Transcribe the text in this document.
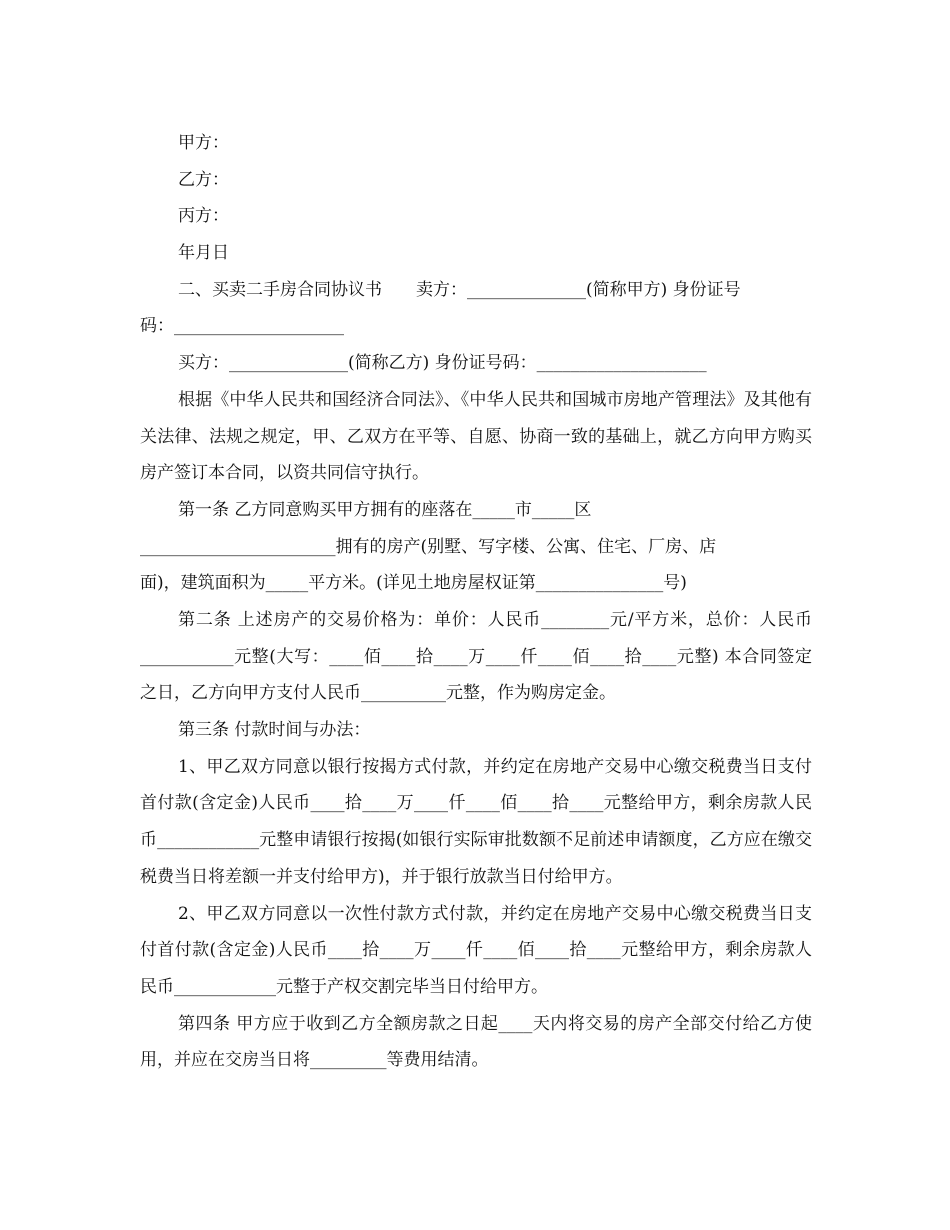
甲方：

乙方：

丙方：

年月日

二、买卖二手房合同协议书　　卖方：______________(简称甲方) 身份证号

码：____________________

买方：______________(简称乙方) 身份证号码：____________________

根据《中华人民共和国经济合同法》、《中华人民共和国城市房地产管理法》及其他有关法律、法规之规定，甲、乙双方在平等、自愿、协商一致的基础上，就乙方向甲方购买房产签订本合同，以资共同信守执行。

第一条 乙方同意购买甲方拥有的座落在_____市_____区

_______________________拥有的房产(别墅、写字楼、公寓、住宅、厂房、店

面)，建筑面积为_____平方米。(详见土地房屋权证第_______________号)

第二条 上述房产的交易价格为：单价：人民币________元/平方米，总价：人民币___________元整(大写：____佰____拾____万____仟____佰____拾____元整) 本合同签定之日，乙方向甲方支付人民币__________元整，作为购房定金。

第三条 付款时间与办法：

1、甲乙双方同意以银行按揭方式付款，并约定在房地产交易中心缴交税费当日支付首付款(含定金)人民币____拾____万____仟____佰____拾____元整给甲方，剩余房款人民币____________元整申请银行按揭(如银行实际审批数额不足前述申请额度，乙方应在缴交税费当日将差额一并支付给甲方)，并于银行放款当日付给甲方。

2、甲乙双方同意以一次性付款方式付款，并约定在房地产交易中心缴交税费当日支付首付款(含定金)人民币____拾____万____仟____佰____拾____元整给甲方，剩余房款人民币____________元整于产权交割完毕当日付给甲方。

第四条 甲方应于收到乙方全额房款之日起____天内将交易的房产全部交付给乙方使用，并应在交房当日将_________等费用结清。
